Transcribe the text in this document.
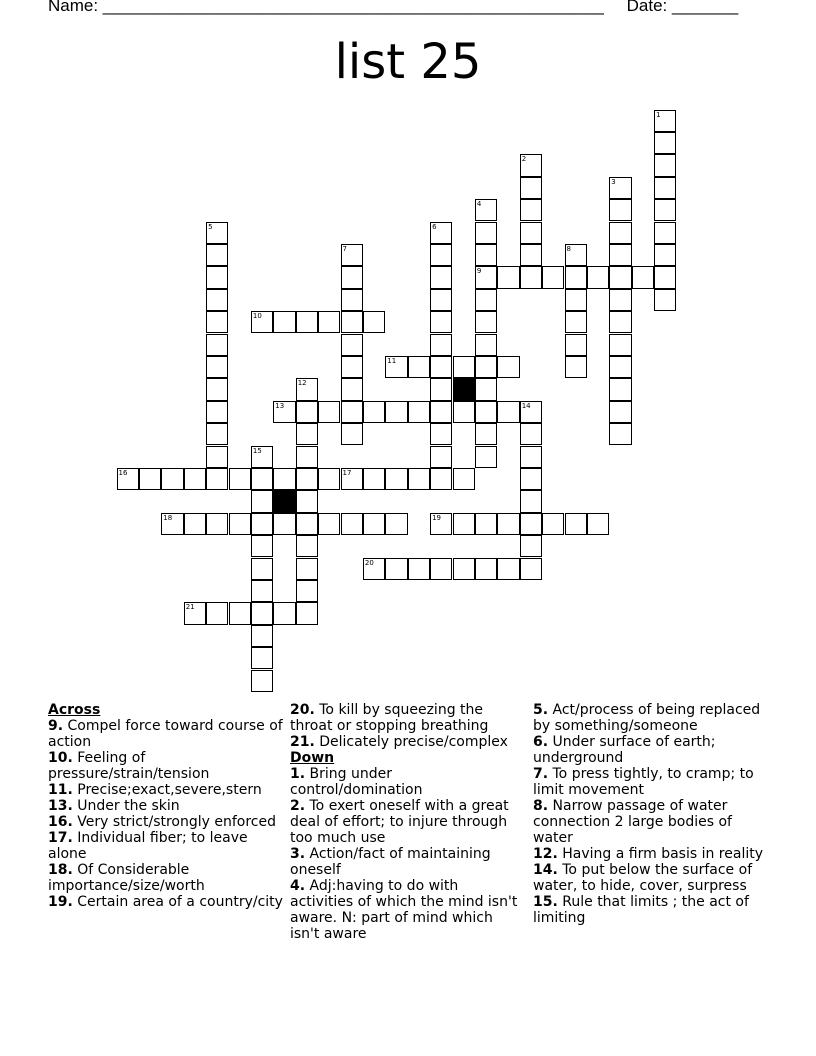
Name: _____________________________________________________ Date: _______
list 25
9
10
11
13	14
16	17
18	19
20
21
1
2
3
4
5	6
7	8
12
15
Across
9. Compel force toward course of action
10. Feeling of pressure/strain/tension
11. Precise;exact,severe,stern
13. Under the skin
16. Very strict/strongly enforced
17. Individual fiber; to leave alone
18. Of Considerable importance/size/worth
19. Certain area of a country/city
20. To kill by squeezing the throat or stopping breathing
21. Delicately precise/complex
Down
1. Bring under control/domination
2. To exert oneself with a great deal of effort; to injure through too much use
3. Action/fact of maintaining oneself
4. Adj:having to do with activities of which the mind isn't aware. N: part of mind which isn't aware
5. Act/process of being replaced by something/someone
6. Under surface of earth; underground
7. To press tightly, to cramp; to limit movement
8. Narrow passage of water connection 2 large bodies of water
12. Having a firm basis in reality
14. To put below the surface of water, to hide, cover, surpress
15. Rule that limits ; the act of limiting
